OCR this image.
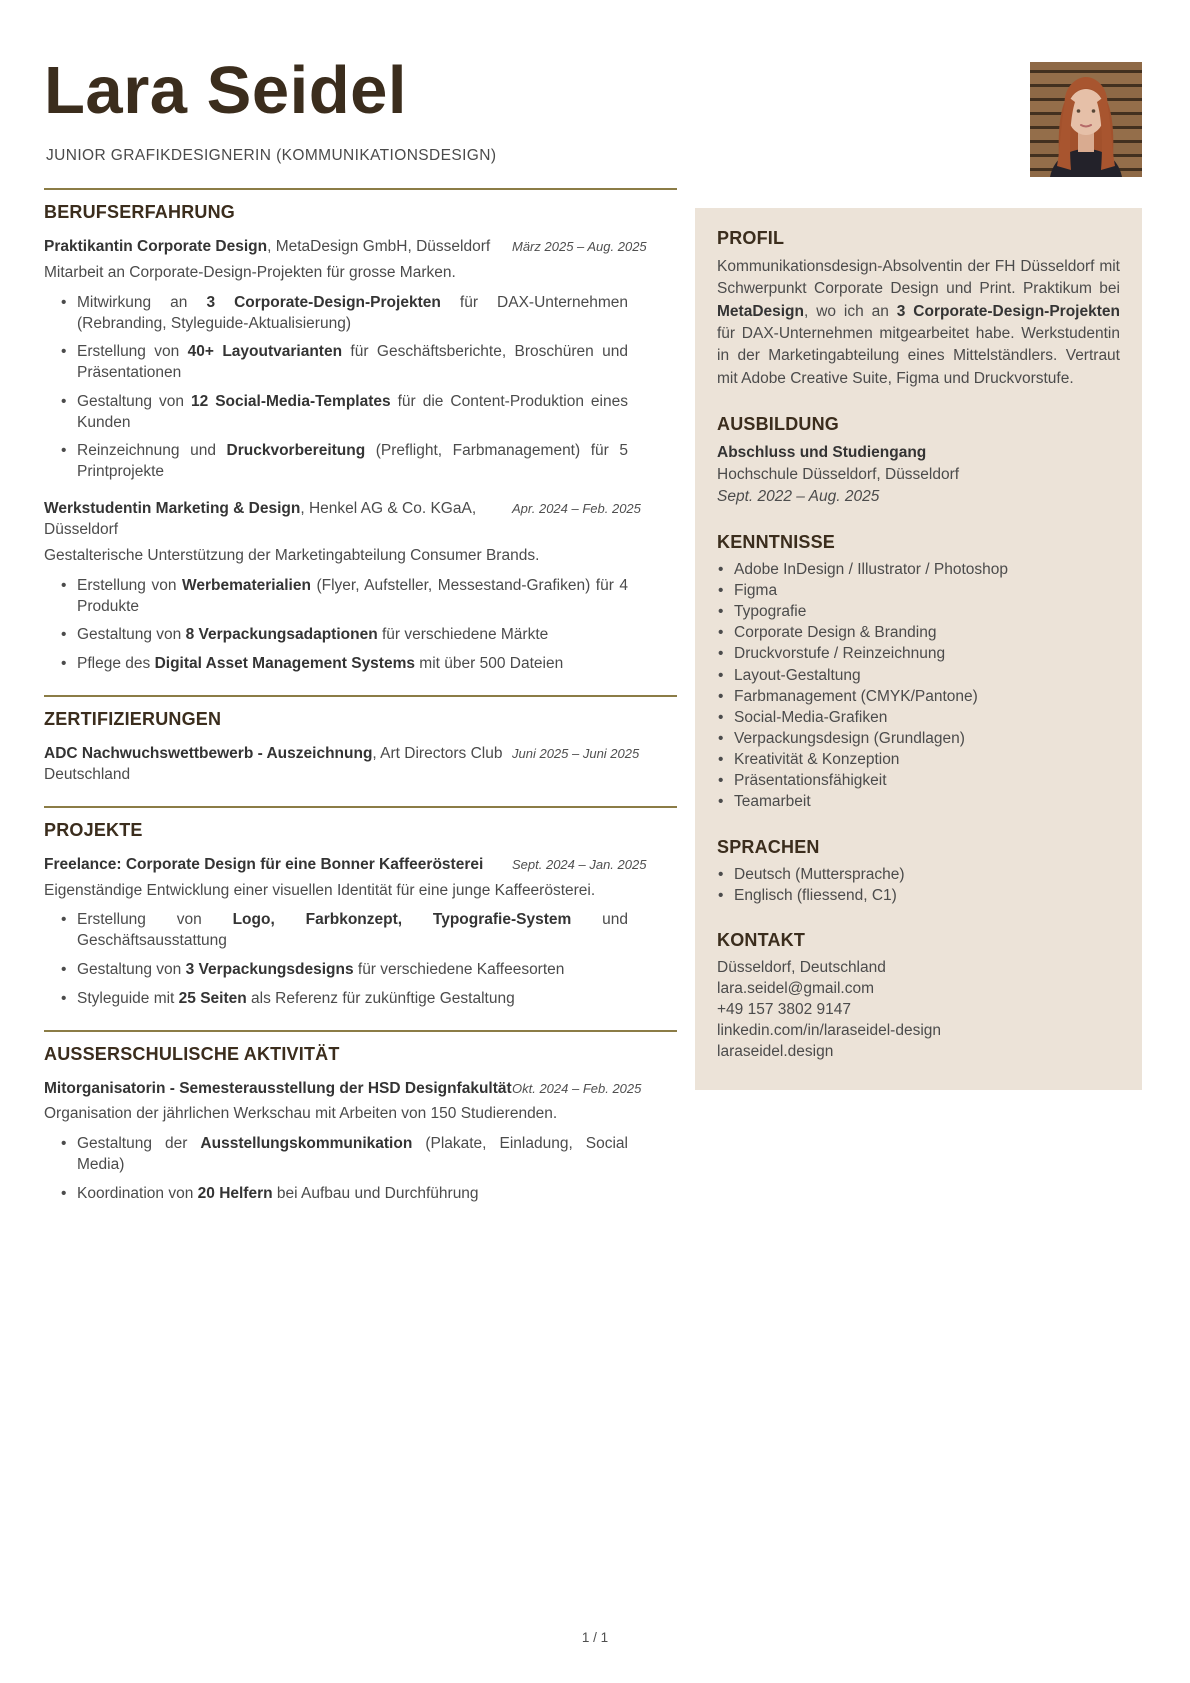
Lara Seidel
JUNIOR GRAFIKDESIGNERIN (KOMMUNIKATIONSDESIGN)
BERUFSERFAHRUNG
Praktikantin Corporate Design, MetaDesign GmbH, Düsseldorf	März 2025 – Aug. 2025

Mitarbeit an Corporate-Design-Projekten für grosse Marken.

• Mitwirkung an 3 Corporate-Design-Projekten für DAX-Unternehmen (Rebranding, Styleguide-Aktualisierung)
• Erstellung von 40+ Layoutvarianten für Geschäftsberichte, Broschüren und Präsentationen
• Gestaltung von 12 Social-Media-Templates für die Content-Produktion eines Kunden
• Reinzeichnung und Druckvorbereitung (Preflight, Farbmanagement) für 5 Printprojekte
Werkstudentin Marketing & Design, Henkel AG & Co. KGaA, Düsseldorf
Apr. 2024 – Feb. 2025

Gestalterische Unterstützung der Marketingabteilung Consumer Brands.

• Erstellung von Werbematerialien (Flyer, Aufsteller, Messestand-Grafiken) für 4 Produkte
• Gestaltung von 8 Verpackungsadaptionen für verschiedene Märkte
• Pflege des Digital Asset Management Systems mit über 500 Dateien
ZERTIFIZIERUNGEN
ADC Nachwuchswettbewerb - Auszeichnung, Art Directors Club Deutschland
Juni 2025 – Juni 2025
PROJEKTE
Freelance: Corporate Design für eine Bonner Kaffeerösterei	Sept. 2024 – Jan. 2025

Eigenständige Entwicklung einer visuellen Identität für eine junge Kaffeerösterei.

• Erstellung von Logo, Farbkonzept, Typografie-System und Geschäftsausstattung
• Gestaltung von 3 Verpackungsdesigns für verschiedene Kaffeesorten
• Styleguide mit 25 Seiten als Referenz für zukünftige Gestaltung
AUSSERSCHULISCHE AKTIVITÄT
Mitorganisatorin - Semesterausstellung der HSD Designfakultät Okt. 2024 – Feb. 2025

Organisation der jährlichen Werkschau mit Arbeiten von 150 Studierenden.

• Gestaltung der Ausstellungskommunikation (Plakate, Einladung, Social Media)
• Koordination von 20 Helfern bei Aufbau und Durchführung
PROFIL

Kommunikationsdesign-Absolventin der FH Düsseldorf mit Schwerpunkt Corporate Design und Print. Praktikum bei MetaDesign, wo ich an 3 Corporate-Design-Projekten für DAX-Unternehmen mitgearbeitet habe. Werkstudentin in der Marketingabteilung eines Mittelständlers. Vertraut mit Adobe Creative Suite, Figma und Druckvorstufe.

AUSBILDUNG
Abschluss und Studiengang
Hochschule Düsseldorf, Düsseldorf
Sept. 2022 – Aug. 2025
KENNTNISSE
• Adobe InDesign / Illustrator / Photoshop
• Figma
• Typografie
• Corporate Design & Branding
• Druckvorstufe / Reinzeichnung
• Layout-Gestaltung
• Farbmanagement (CMYK/Pantone)
• Social-Media-Grafiken
• Verpackungsdesign (Grundlagen)
• Kreativität & Konzeption
• Präsentationsfähigkeit
• Teamarbeit
SPRACHEN
• Deutsch (Muttersprache)
• Englisch (fliessend, C1)
KONTAKT
Düsseldorf, Deutschland
lara.seidel@gmail.com
+49 157 3802 9147
linkedin.com/in/laraseidel-design
laraseidel.design
1 / 1
